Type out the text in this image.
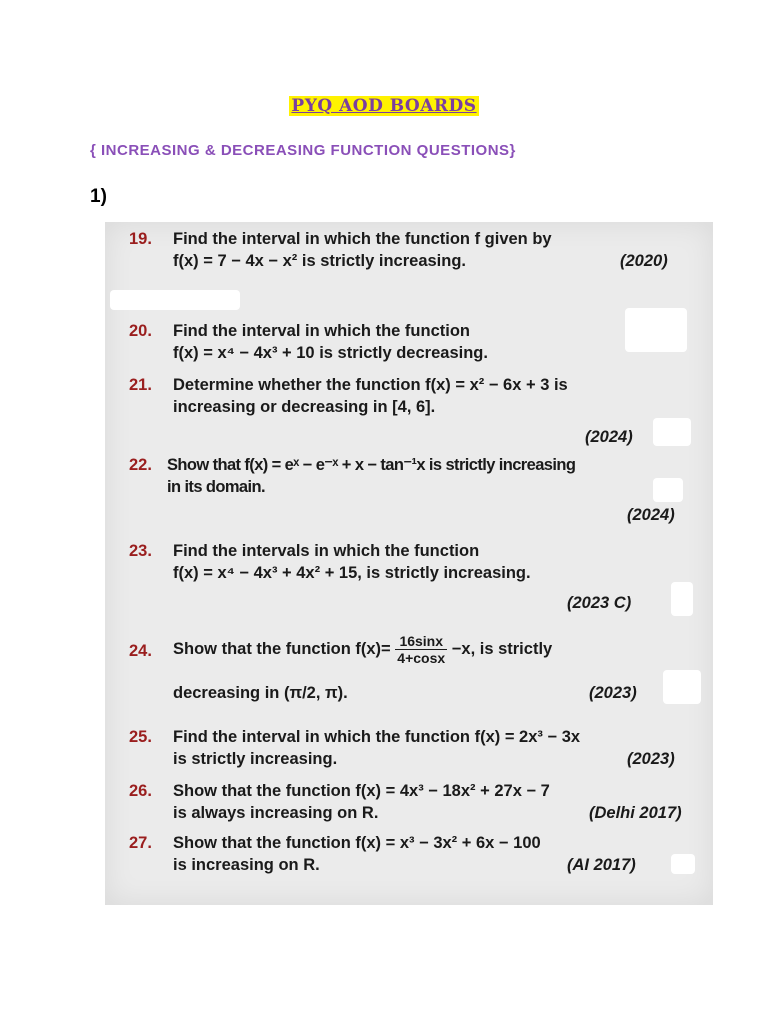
PYQ AOD BOARDS
{ INCREASING & DECREASING FUNCTION QUESTIONS}
1)
19. Find the interval in which the function f given by
f(x) = 7 − 4x − x² is strictly increasing.	(2020)
20. Find the interval in which the function
f(x) = x⁴ − 4x³ + 10 is strictly decreasing.
21. Determine whether the function f(x) = x² − 6x + 3 is
increasing or decreasing in [4, 6].
(2024)
22. Show that f(x) = eˣ − e⁻ˣ + x − tan⁻¹x is strictly increasing
in its domain.
(2024)
23. Find the intervals in which the function
f(x) = x⁴ − 4x³ + 4x² + 15, is strictly increasing.
(2023 C)
24. Show that the function $f(x)= \frac{16\sin x}{4+\cos x} -x$, is strictly
decreasing in (π/2, π).	(2023)
25. Find the interval in which the function f(x) = 2x³ − 3x
is strictly increasing.	(2023)
26. Show that the function f(x) = 4x³ − 18x² + 27x − 7
is always increasing on R.	(Delhi 2017)
27. Show that the function f(x) = x³ − 3x² + 6x − 100
is increasing on R.	(AI 2017)
